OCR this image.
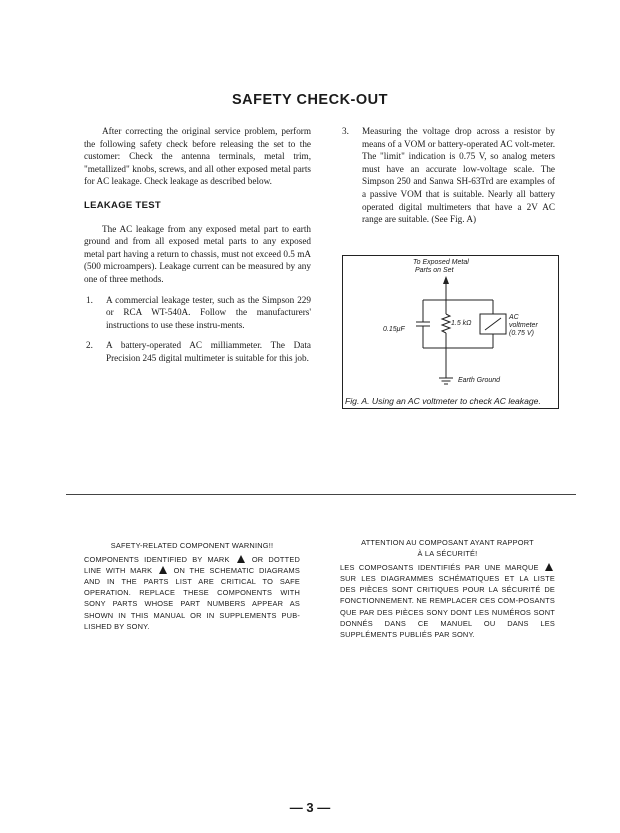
SAFETY CHECK-OUT

After correcting the original service problem, perform the following safety check before releasing the set to the customer: Check the antenna terminals, metal trim, "metallized" knobs, screws, and all other exposed metal parts for AC leakage. Check leakage as described below.

LEAKAGE TEST

The AC leakage from any exposed metal part to earth ground and from all exposed metal parts to any exposed metal part having a return to chassis, must not exceed 0.5 mA (500 microampers). Leakage current can be measured by any one of three methods.

1.	A commercial leakage tester, such as the Simpson 229 or RCA WT-540A. Follow the manufacturers' instructions to use these instru-ments.
2.	A battery-operated AC milliammeter. The Data Precision 245 digital multimeter is suitable for this job.
3.	Measuring the voltage drop across a resistor by means of a VOM or battery-operated AC volt-meter. The "limit" indication is 0.75 V, so analog meters must have an accurate low-voltage scale. The Simpson 250 and Sanwa SH-63Trd are examples of a passive VOM that is suitable. Nearly all battery operated digital multimeters that have a 2V AC range are suitable. (See Fig. A)
To Exposed Metal
Parts on Set
0.15μF
1.5 kΩ
AC
voltmeter
(0.75 V)
Earth Ground
Fig. A. Using an AC voltmeter to check AC leakage.
SAFETY-RELATED COMPONENT WARNING!!
COMPONENTS IDENTIFIED BY MARK	OR DOTTED LINE WITH MARK	ON THE SCHEMATIC DIAGRAMS AND IN THE PARTS LIST ARE CRITICAL TO SAFE OPERATION. REPLACE THESE COMPONENTS WITH SONY PARTS WHOSE PART NUMBERS APPEAR AS SHOWN IN THIS MANUAL OR IN SUPPLEMENTS PUB-LISHED BY SONY.
ATTENTION AU COMPOSANT AYANT RAPPORT
À LA SÉCURITÉ!
LES COMPOSANTS IDENTIFIÉS PAR UNE MARQUE  SUR LES DIAGRAMMES SCHÉMATIQUES ET LA LISTE DES PIÈCES SONT CRITIQUES POUR LA SÉCURITÉ DE FONCTIONNEMENT. NE REMPLACER CES COM-POSANTS QUE PAR DES PIÈCES SONY DONT LES NUMÉROS SONT DONNÉS DANS CE MANUEL OU DANS LES SUPPLÉMENTS PUBLIÉS PAR SONY.
— 3 —
